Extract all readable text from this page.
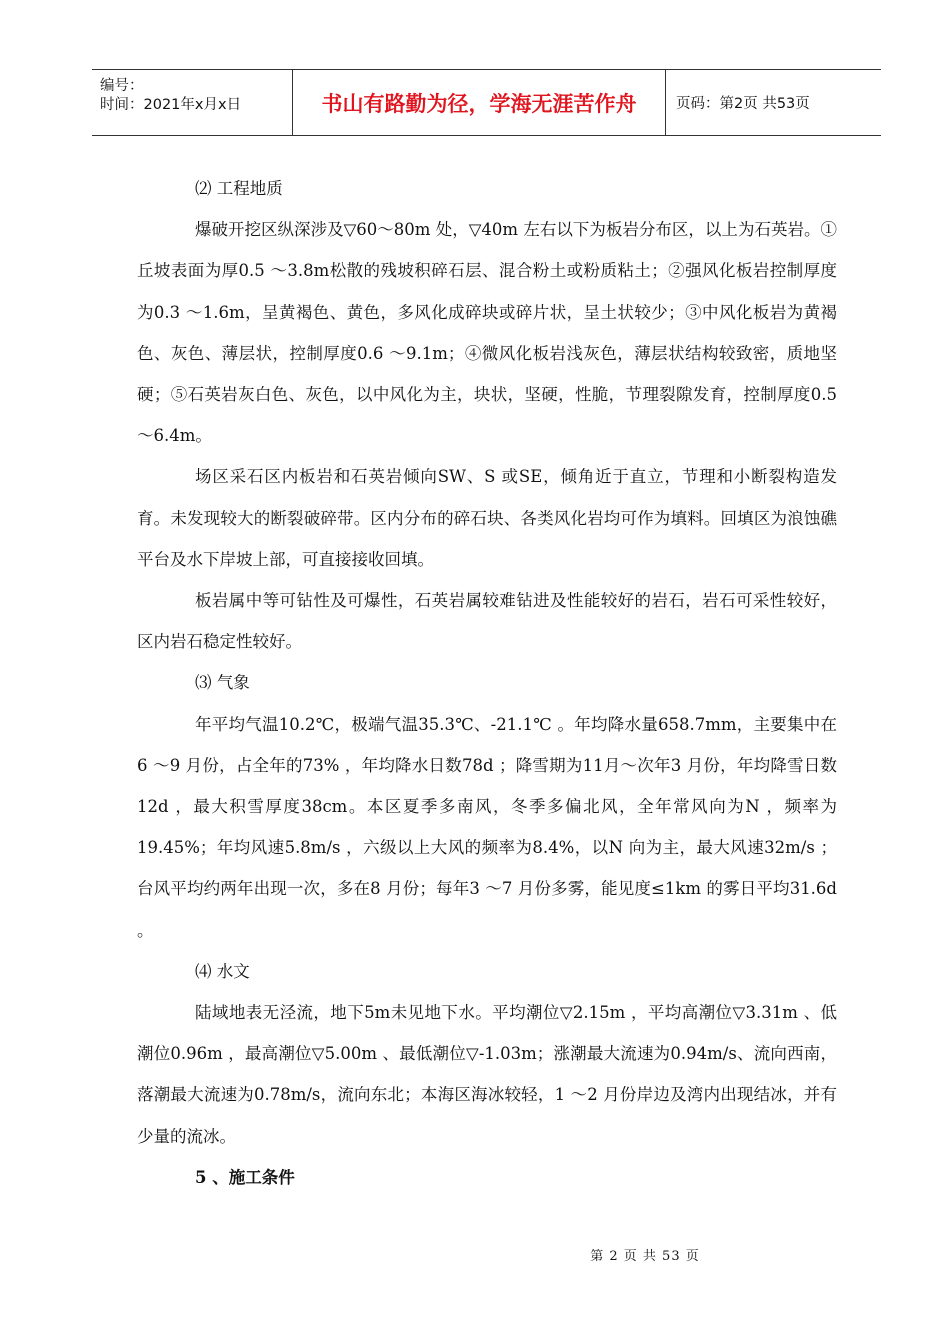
编号：
时间：2021年x月x日	书山有路勤为径，学海无涯苦作舟	页码：第2页 共53页

⑵ 工程地质

爆破开挖区纵深涉及▽60～80m 处，▽40m 左右以下为板岩分布区，以上为石英岩。①丘坡表面为厚0.5 ～3.8m松散的残坡积碎石层、混合粉土或粉质粘土；②强风化板岩控制厚度为0.3 ～1.6m，呈黄褐色、黄色，多风化成碎块或碎片状，呈土状较少；③中风化板岩为黄褐色、灰色、薄层状，控制厚度0.6 ～9.1m；④微风化板岩浅灰色，薄层状结构较致密，质地坚硬；⑤石英岩灰白色、灰色，以中风化为主，块状，坚硬，性脆，节理裂隙发育，控制厚度0.5 ～6.4m。

场区采石区内板岩和石英岩倾向SW、S 或SE，倾角近于直立，节理和小断裂构造发育。未发现较大的断裂破碎带。区内分布的碎石块、各类风化岩均可作为填料。回填区为浪蚀礁平台及水下岸坡上部，可直接接收回填。

板岩属中等可钻性及可爆性，石英岩属较难钻进及性能较好的岩石，岩石可采性较好，区内岩石稳定性较好。

⑶ 气象

年平均气温10.2℃，极端气温35.3℃、-21.1℃ 。年均降水量658.7mm，主要集中在6 ～9 月份，占全年的73% ，年均降水日数78d ；降雪期为11月～次年3 月份，年均降雪日数12d ，最大积雪厚度38cm。本区夏季多南风，冬季多偏北风，全年常风向为N ，频率为19.45%；年均风速5.8m/s ，六级以上大风的频率为8.4%，以N 向为主，最大风速32m/s ；台风平均约两年出现一次，多在8 月份；每年3 ～7 月份多雾，能见度≤1km 的雾日平均31.6d 。

⑷ 水文

陆域地表无泾流，地下5m未见地下水。平均潮位▽2.15m ，平均高潮位▽3.31m 、低潮位0.96m ，最高潮位▽5.00m 、最低潮位▽-1.03m；涨潮最大流速为0.94m/s、流向西南，落潮最大流速为0.78m/s，流向东北；本海区海冰较轻，1 ～2 月份岸边及湾内出现结冰，并有少量的流冰。

5 、施工条件

第 2 页 共 53 页
